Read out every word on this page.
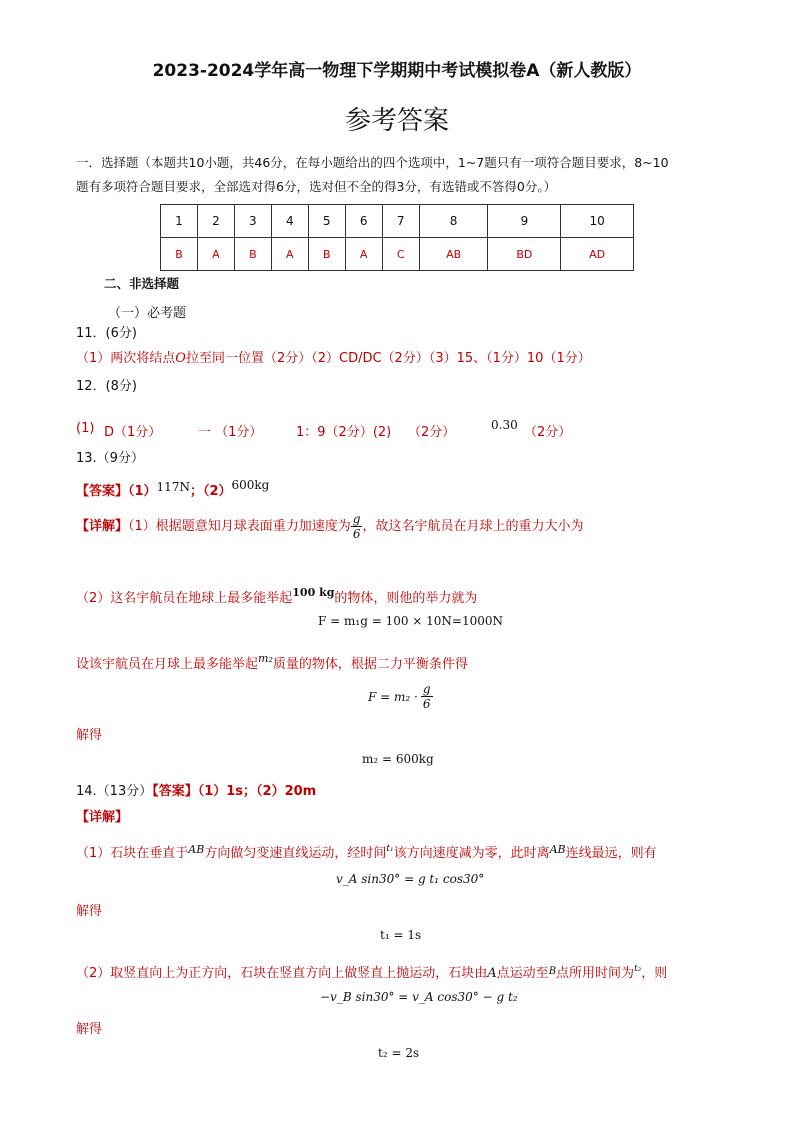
2023-2024学年高一物理下学期期中考试模拟卷A（新人教版）
参考答案
一．选择题（本题共10小题，共46分，在每小题给出的四个选项中，1~7题只有一项符合题目要求，8~10
题有多项符合题目要求，全部选对得6分，选对但不全的得3分，有选错或不答得0分。）
1	2	3	4	5	6	7	8	9	10
B	A	B	A	B	A	C	AB	BD	AD
二、非选择题
（一）必考题
11．(6分)
（1）两次将结点O拉至同一位置（2分）（2）CD/DC（2分）（3）15、（1分）10（1分）
12．(8分)
(1) D（1分）	一 （1分）	1：9（2分）(2) （2分）	0.30 （2分）
13.（9分）
【答案】（1）117N；（2）600kg
【详解】（1）根据题意知月球表面重力加速度为 $\frac{g}{6}$ ，故这名宇航员在月球上的重力大小为
（2）这名宇航员在地球上最多能举起$^{100 kg}$的物体，则他的举力就为
F = m₁g = 100 × 10N=1000N
设该宇航员在月球上最多能举起$^{m_2}$质量的物体，根据二力平衡条件得
$F = m_2 \cdot \frac{g}{6}$
解得
m₂ = 600kg
14.（13分）【答案】（1）1s；（2）20m
【详解】
（1）石块在垂直于$^{AB}$方向做匀变速直线运动，经时间$^{t_1}$该方向速度减为零，此时离$^{AB}$连线最远，则有
v_A sin30° = g t₁ cos30°
解得
t₁ = 1s
（2）取竖直向上为正方向，石块在竖直方向上做竖直上抛运动，石块由A点运动至$^B$点所用时间为$^{t_2}$，则
−v_B sin30° = v_A cos30° − g t₂
解得
t₂ = 2s
